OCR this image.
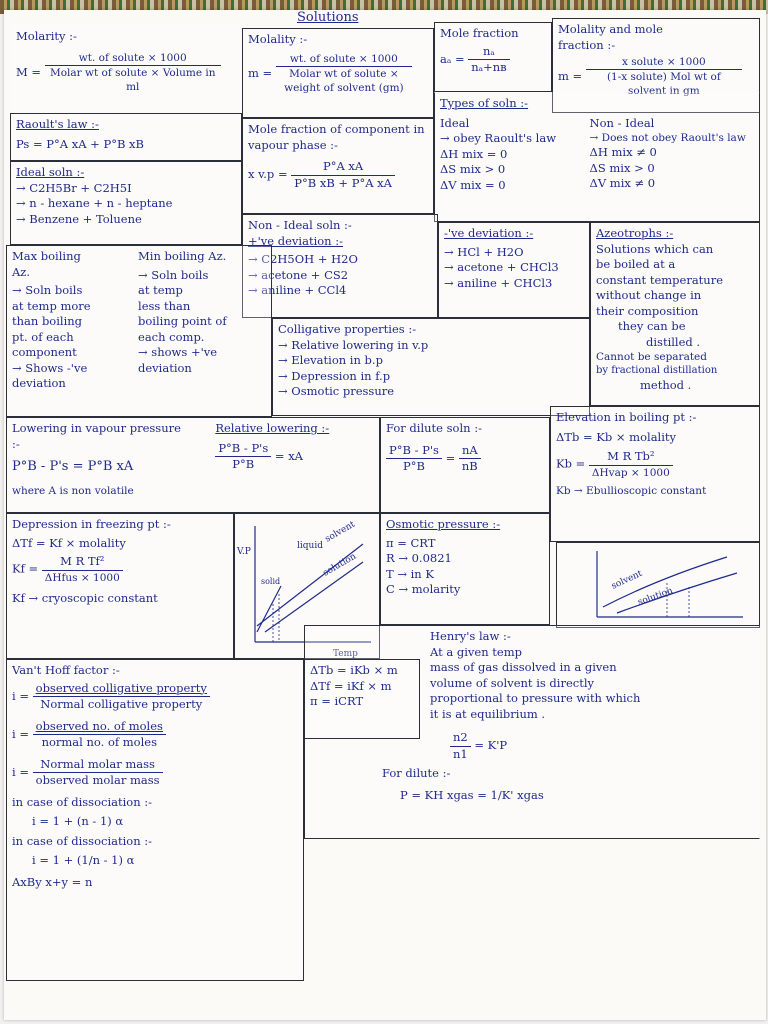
Solutions
Molarity :-
$M = \frac{\text{wt. of solute × 1000}}{\text{Molar wt of solute × Volume in ml}}$
Molality :-
$m = \frac{\text{wt. of solute × 1000}}{\text{Molar wt of solute × weight of solvent (gm)}}$
Mole fraction
$a_a = \frac{\text{nₐ}}{\text{nₐ+nʙ}}$
Molality and mole fraction :-
$m = \frac{\text{x solute × 1000}}{\text{(1-x solute) Mol wt of solvent in gm}}$
Raoult's law :-
Ps = P°A xA + P°B xB
Mole fraction of component in vapour phase :-
x $v.p = \frac{\text{P°A xA}}{\text{P°B xB + P°A xA}}$
Types of soln :-
Ideal
→ obey Raoult's law
ΔH mix = 0
ΔS mix > 0
ΔV mix = 0
Non - Ideal
→ Does not obey Raoult's law
ΔH mix ≠ 0
ΔS mix > 0
ΔV mix ≠ 0
Ideal soln :-
→ C2H5Br + C2H5I
→ n - hexane + n - heptane
→ Benzene + Toluene	Non - Ideal soln :-
+'ve deviation :-
→ C2H5OH + H2O
→ acetone + CS2
→ aniline + CCl4
-'ve deviation :-
→ HCl + H2O
→ acetone + CHCl3
→ aniline + CHCl3
Azeotrophs :-
Solutions which can
be boiled at a
constant temperature
without change in
their composition
they can be
distilled .
Cannot be separated
by fractional distillation
method .
Max boiling Az.
→ Soln boils
at temp more
than boiling
pt. of each
component
→ Shows -'ve
deviation
Min boiling Az.
→ Soln boils
at temp
less than
boiling point of
each comp.
→ shows +'ve
deviation
Colligative properties :-
→ Relative lowering in v.p
→ Elevation in b.p
→ Depression in f.p
→ Osmotic pressure
Lowering in vapour pressure :-
P°B - P's = P°B xA
where A is non volatile
Relative lowering :-
$\frac{P^\circ B - P's}{P^\circ B}$ = xA
For dilute soln :-
$\frac{P^\circ B - P's}{P^\circ B} = \frac{nA}{nB}$
Elevation in boiling pt :-
ΔTb = Kb × molality
$Kb = \frac{\text{M R Tb²}}{\text{ΔHvap × 1000}}$
Kb → Ebullioscopic constant
Depression in freezing pt :-
ΔTf = Kf × molality
$Kf = \frac{\text{M R Tf²}}{\text{ΔHfus × 1000}}$
Kf → cryoscopic constant
V.P
Temp
liquid
solvent
solution
solid
Osmotic pressure :-
π = CRT
R → 0.0821
T → in K
C → molarity	solvent
solution
Henry's law :-
At a given temp
mass of gas dissolved in a given
volume of solvent is directly
proportional to pressure with which
it is at equilibrium .
$\frac{n2}{n1} = K'P$
For dilute :-
P = KH xgas = 1/K' xgas
ΔTb = iKb × m
ΔTf = iKf × m
π = iCRT
Van't Hoff factor :-
$i = \frac{\text{observed colligative property}}{\text{Normal colligative property}}$
$i = \frac{\text{observed no. of moles}}{\text{normal no. of moles}}$
$i = \frac{\text{Normal molar mass}}{\text{observed molar mass}}$
in case of dissociation :-
i = 1 + (n - 1) α
in case of dissociation :-
i = 1 + (1/n - 1) α
AxBy x+y = n
